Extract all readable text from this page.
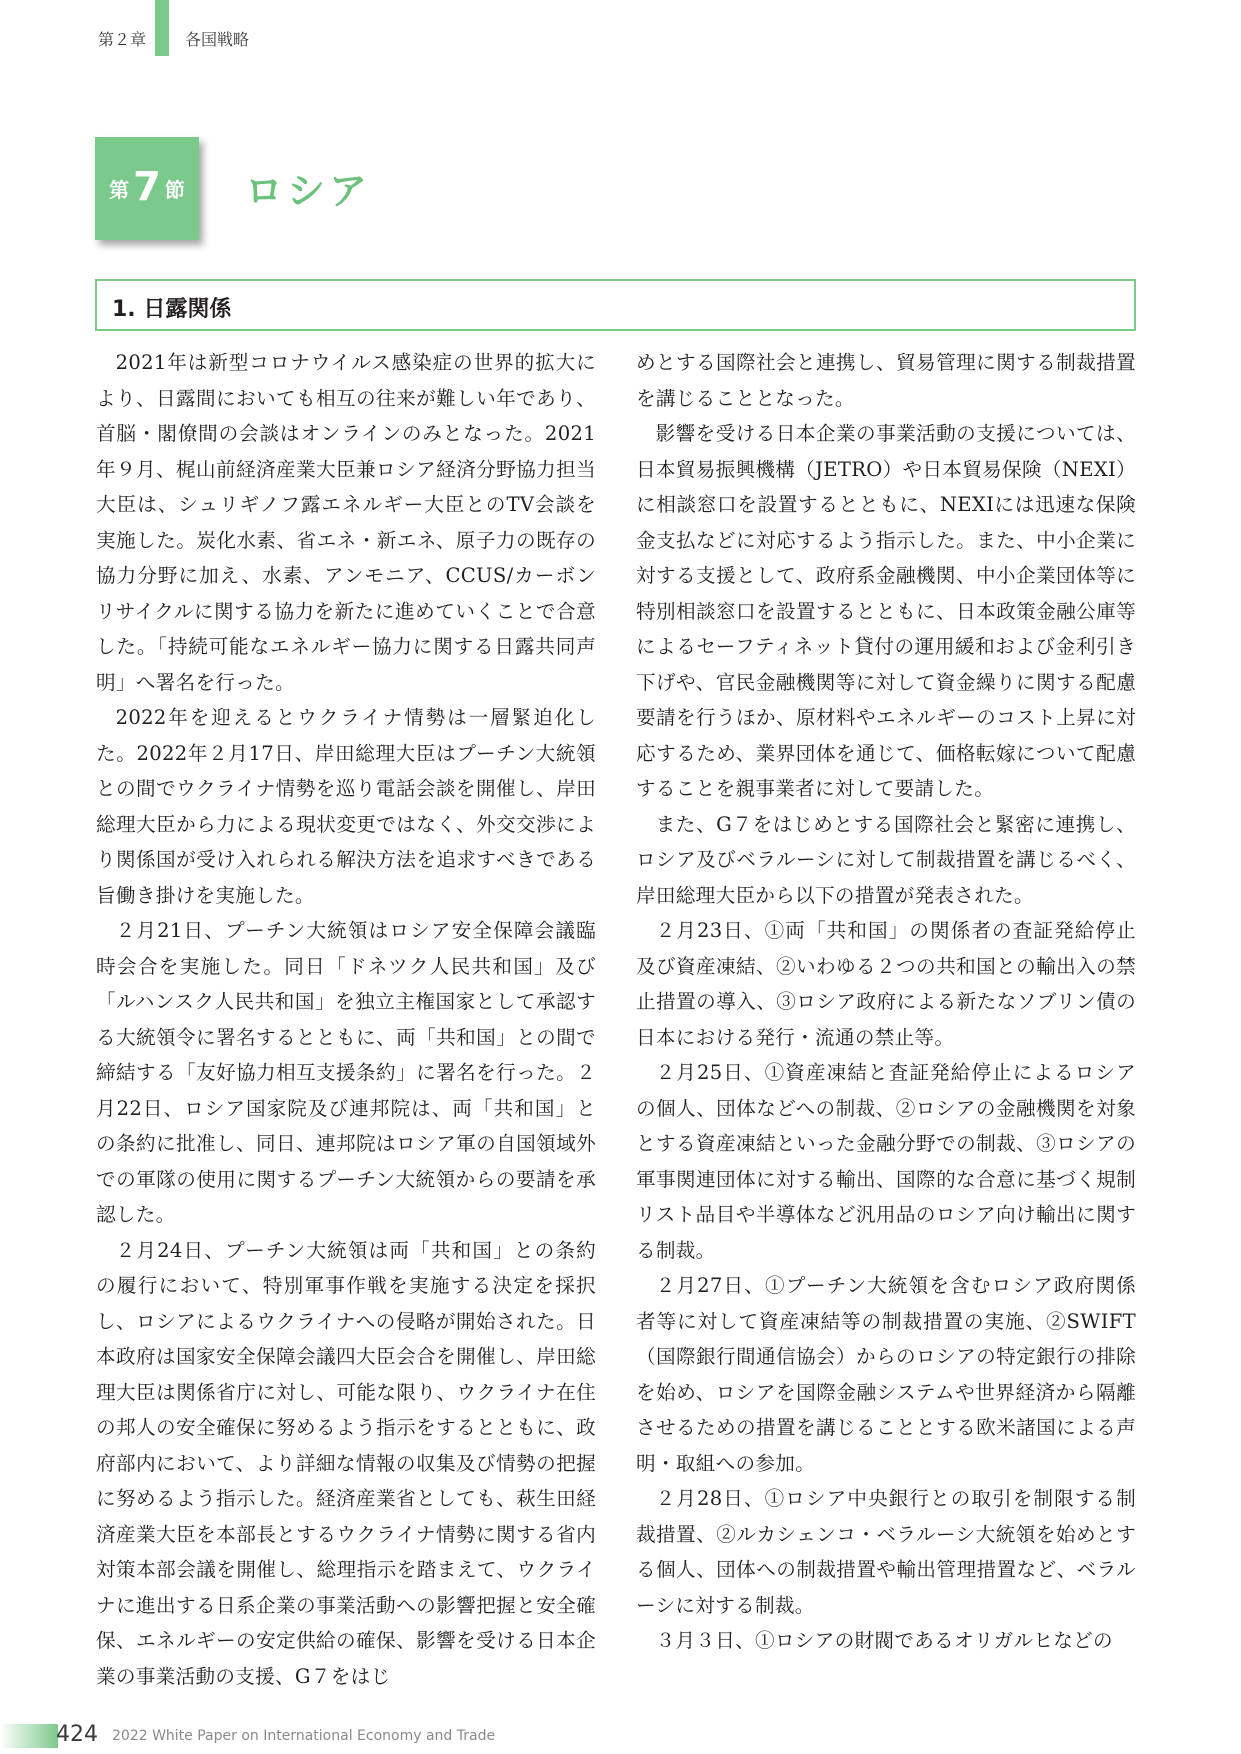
第２章 各国戦略
第 7 節 ロシア
1. 日露関係

2021年は新型コロナウイルス感染症の世界的拡大により、日露間においても相互の往来が難しい年であり、首脳・閣僚間の会談はオンラインのみとなった。2021年９月、梶山前経済産業大臣兼ロシア経済分野協力担当大臣は、シュリギノフ露エネルギー大臣とのTV会談を実施した。炭化水素、省エネ・新エネ、原子力の既存の協力分野に加え、水素、アンモニア、CCUS/カーボンリサイクルに関する協力を新たに進めていくことで合意した。「持続可能なエネルギー協力に関する日露共同声明」へ署名を行った。

2022年を迎えるとウクライナ情勢は一層緊迫化した。2022年２月17日、岸田総理大臣はプーチン大統領との間でウクライナ情勢を巡り電話会談を開催し、岸田総理大臣から力による現状変更ではなく、外交交渉により関係国が受け入れられる解決方法を追求すべきである旨働き掛けを実施した。

２月21日、プーチン大統領はロシア安全保障会議臨時会合を実施した。同日「ドネツク人民共和国」及び「ルハンスク人民共和国」を独立主権国家として承認する大統領令に署名するとともに、両「共和国」との間で締結する「友好協力相互支援条約」に署名を行った。２月22日、ロシア国家院及び連邦院は、両「共和国」との条約に批准し、同日、連邦院はロシア軍の自国領域外での軍隊の使用に関するプーチン大統領からの要請を承認した。

２月24日、プーチン大統領は両「共和国」との条約の履行において、特別軍事作戦を実施する決定を採択し、ロシアによるウクライナへの侵略が開始された。日本政府は国家安全保障会議四大臣会合を開催し、岸田総理大臣は関係省庁に対し、可能な限り、ウクライナ在住の邦人の安全確保に努めるよう指示をするとともに、政府部内において、より詳細な情報の収集及び情勢の把握に努めるよう指示した。経済産業省としても、萩生田経済産業大臣を本部長とするウクライナ情勢に関する省内対策本部会議を開催し、総理指示を踏まえて、ウクライナに進出する日系企業の事業活動への影響把握と安全確保、エネルギーの安定供給の確保、影響を受ける日本企業の事業活動の支援、G７をはじ

めとする国際社会と連携し、貿易管理に関する制裁措置を講じることとなった。

影響を受ける日本企業の事業活動の支援については、日本貿易振興機構（JETRO）や日本貿易保険（NEXI）に相談窓口を設置するとともに、NEXIには迅速な保険金支払などに対応するよう指示した。また、中小企業に対する支援として、政府系金融機関、中小企業団体等に特別相談窓口を設置するとともに、日本政策金融公庫等によるセーフティネット貸付の運用緩和および金利引き下げや、官民金融機関等に対して資金繰りに関する配慮要請を行うほか、原材料やエネルギーのコスト上昇に対応するため、業界団体を通じて、価格転嫁について配慮することを親事業者に対して要請した。

また、G７をはじめとする国際社会と緊密に連携し、ロシア及びベラルーシに対して制裁措置を講じるべく、岸田総理大臣から以下の措置が発表された。

２月23日、①両「共和国」の関係者の査証発給停止及び資産凍結、②いわゆる２つの共和国との輸出入の禁止措置の導入、③ロシア政府による新たなソブリン債の日本における発行・流通の禁止等。

２月25日、①資産凍結と査証発給停止によるロシアの個人、団体などへの制裁、②ロシアの金融機関を対象とする資産凍結といった金融分野での制裁、③ロシアの軍事関連団体に対する輸出、国際的な合意に基づく規制リスト品目や半導体など汎用品のロシア向け輸出に関する制裁。

２月27日、①プーチン大統領を含むロシア政府関係者等に対して資産凍結等の制裁措置の実施、②SWIFT（国際銀行間通信協会）からのロシアの特定銀行の排除を始め、ロシアを国際金融システムや世界経済から隔離させるための措置を講じることとする欧米諸国による声明・取組への参加。

２月28日、①ロシア中央銀行との取引を制限する制裁措置、②ルカシェンコ・ベラルーシ大統領を始めとする個人、団体への制裁措置や輸出管理措置など、ベラルーシに対する制裁。

３月３日、①ロシアの財閥であるオリガルヒなどの

424 2022 White Paper on International Economy and Trade
